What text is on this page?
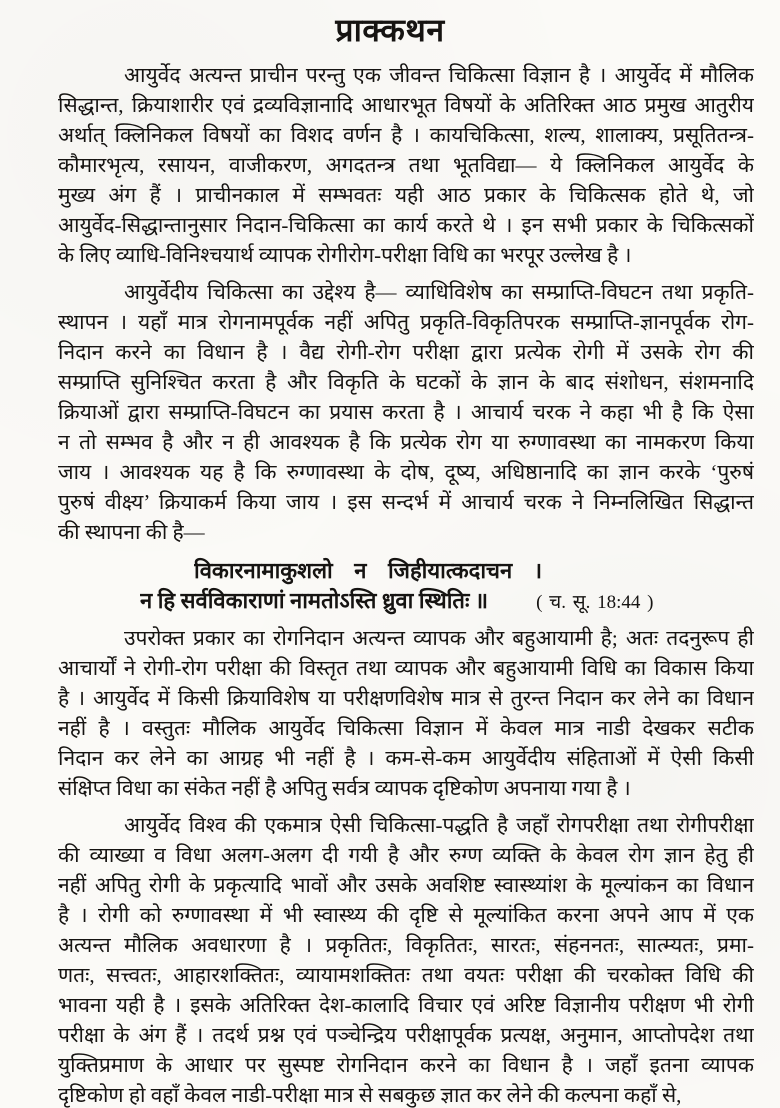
प्राक्कथन
आयुर्वेद अत्यन्त प्राचीन परन्तु एक जीवन्त चिकित्सा विज्ञान है । आयुर्वेद में मौलिक
सिद्धान्त, क्रियाशारीर एवं द्रव्यविज्ञानादि आधारभूत विषयों के अतिरिक्त आठ प्रमुख आतुरीय
अर्थात् क्लिनिकल विषयों का विशद वर्णन है । कायचिकित्सा, शल्य, शालाक्य, प्रसूतितन्त्र-
कौमारभृत्य, रसायन, वाजीकरण, अगदतन्त्र तथा भूतविद्या— ये क्लिनिकल आयुर्वेद के
मुख्य अंग हैं । प्राचीनकाल में सम्भवतः यही आठ प्रकार के चिकित्सक होते थे, जो
आयुर्वेद-सिद्धान्तानुसार निदान-चिकित्सा का कार्य करते थे । इन सभी प्रकार के चिकित्सकों
के लिए व्याधि-विनिश्चयार्थ व्यापक रोगीरोग-परीक्षा विधि का भरपूर उल्लेख है ।
आयुर्वेदीय चिकित्सा का उद्देश्य है— व्याधिविशेष का सम्प्राप्ति-विघटन तथा प्रकृति-
स्थापन । यहाँ मात्र रोगनामपूर्वक नहीं अपितु प्रकृति-विकृतिपरक सम्प्राप्ति-ज्ञानपूर्वक रोग-
निदान करने का विधान है । वैद्य रोगी-रोग परीक्षा द्वारा प्रत्येक रोगी में उसके रोग की
सम्प्राप्ति सुनिश्चित करता है और विकृति के घटकों के ज्ञान के बाद संशोधन, संशमनादि
क्रियाओं द्वारा सम्प्राप्ति-विघटन का प्रयास करता है । आचार्य चरक ने कहा भी है कि ऐसा
न तो सम्भव है और न ही आवश्यक है कि प्रत्येक रोग या रुग्णावस्था का नामकरण किया
जाय । आवश्यक यह है कि रुग्णावस्था के दोष, दूष्य, अधिष्ठानादि का ज्ञान करके ‘पुरुषं
पुरुषं वीक्ष्य’ क्रियाकर्म किया जाय । इस सन्दर्भ में आचार्य चरक ने निम्नलिखित सिद्धान्त
की स्थापना की है—
विकारनामाकुशलो न जिहीयात्कदाचन ।
न हि सर्वविकाराणां नामतोऽस्ति ध्रुवा स्थितिः ॥	( च. सू. 18:44 )
उपरोक्त प्रकार का रोगनिदान अत्यन्त व्यापक और बहुआयामी है; अतः तदनुरूप ही
आचार्यों ने रोगी-रोग परीक्षा की विस्तृत तथा व्यापक और बहुआयामी विधि का विकास किया
है । आयुर्वेद में किसी क्रियाविशेष या परीक्षणविशेष मात्र से तुरन्त निदान कर लेने का विधान
नहीं है । वस्तुतः मौलिक आयुर्वेद चिकित्सा विज्ञान में केवल मात्र नाडी देखकर सटीक
निदान कर लेने का आग्रह भी नहीं है । कम-से-कम आयुर्वेदीय संहिताओं में ऐसी किसी
संक्षिप्त विधा का संकेत नहीं है अपितु सर्वत्र व्यापक दृष्टिकोण अपनाया गया है ।
आयुर्वेद विश्व की एकमात्र ऐसी चिकित्सा-पद्धति है जहाँ रोगपरीक्षा तथा रोगीपरीक्षा
की व्याख्या व विधा अलग-अलग दी गयी है और रुग्ण व्यक्ति के केवल रोग ज्ञान हेतु ही
नहीं अपितु रोगी के प्रकृत्यादि भावों और उसके अवशिष्ट स्वास्थ्यांश के मूल्यांकन का विधान
है । रोगी को रुग्णावस्था में भी स्वास्थ्य की दृष्टि से मूल्यांकित करना अपने आप में एक
अत्यन्त मौलिक अवधारणा है । प्रकृतितः, विकृतितः, सारतः, संहननतः, सात्म्यतः, प्रमा-
णतः, सत्त्वतः, आहारशक्तितः, व्यायामशक्तितः तथा वयतः परीक्षा की चरकोक्त विधि की
भावना यही है । इसके अतिरिक्त देश-कालादि विचार एवं अरिष्ट विज्ञानीय परीक्षण भी रोगी
परीक्षा के अंग हैं । तदर्थ प्रश्न एवं पञ्चेन्द्रिय परीक्षापूर्वक प्रत्यक्ष, अनुमान, आप्तोपदेश तथा
युक्तिप्रमाण के आधार पर सुस्पष्ट रोगनिदान करने का विधान है । जहाँ इतना व्यापक
दृष्टिकोण हो वहाँ केवल नाडी-परीक्षा मात्र से सबकुछ ज्ञात कर लेने की कल्पना कहाँ से,
